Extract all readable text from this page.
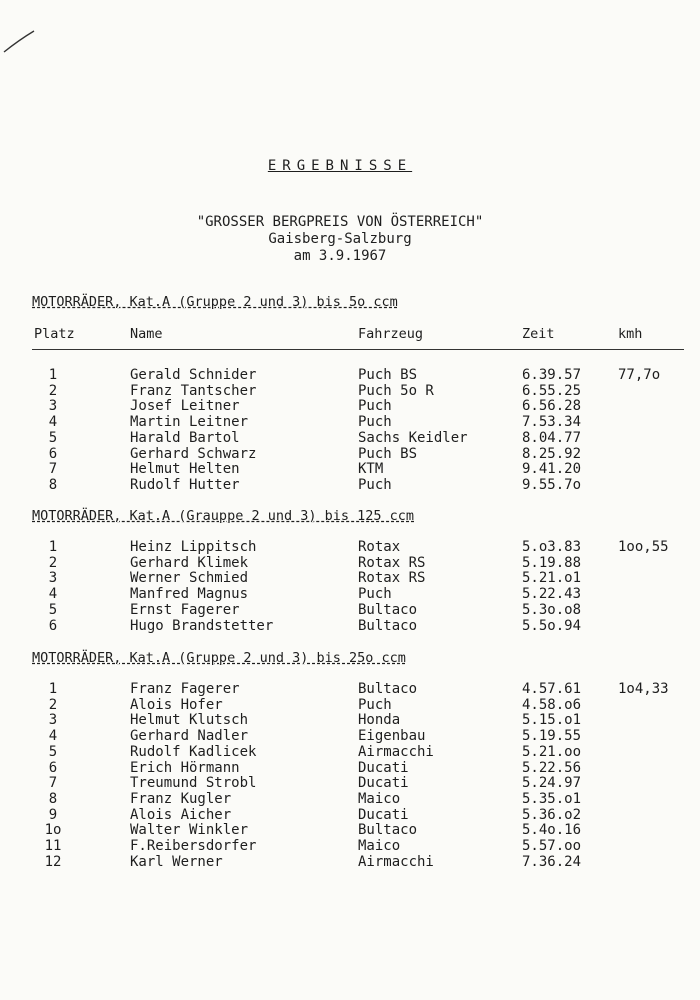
ERGEBNISSE
"GROSSER BERGPREIS VON ÖSTERREICH"
Gaisberg-Salzburg
am 3.9.1967
MOTORRÄDER, Kat.A (Gruppe 2 und 3) bis 5o ccm
Platz	Name	Fahrzeug	Zeit	kmh
1	Gerald Schnider	Puch BS	6.39.57	77,7o
2	Franz Tantscher	Puch 5o R	6.55.25
3	Josef Leitner	Puch	6.56.28
4	Martin Leitner	Puch	7.53.34
5	Harald Bartol	Sachs Keidler	8.04.77
6	Gerhard Schwarz	Puch BS	8.25.92
7	Helmut Helten	KTM	9.41.20
8	Rudolf Hutter	Puch	9.55.7o
MOTORRÄDER, Kat.A (Grauppe 2 und 3) bis 125 ccm
1	Heinz Lippitsch	Rotax	5.o3.83	1oo,55
2	Gerhard Klimek	Rotax RS	5.19.88
3	Werner Schmied	Rotax RS	5.21.o1
4	Manfred Magnus	Puch	5.22.43
5	Ernst Fagerer	Bultaco	5.3o.o8
6	Hugo Brandstetter	Bultaco	5.5o.94
MOTORRÄDER, Kat.A (Gruppe 2 und 3) bis 25o ccm
1	Franz Fagerer	Bultaco	4.57.61	1o4,33
2	Alois Hofer	Puch	4.58.o6
3	Helmut Klutsch	Honda	5.15.o1
4	Gerhard Nadler	Eigenbau	5.19.55
5	Rudolf Kadlicek	Airmacchi	5.21.oo
6	Erich Hörmann	Ducati	5.22.56
7	Treumund Strobl	Ducati	5.24.97
8	Franz Kugler	Maico	5.35.o1
9	Alois Aicher	Ducati	5.36.o2
1o	Walter Winkler	Bultaco	5.4o.16
11	F.Reibersdorfer	Maico	5.57.oo
12	Karl Werner	Airmacchi	7.36.24
